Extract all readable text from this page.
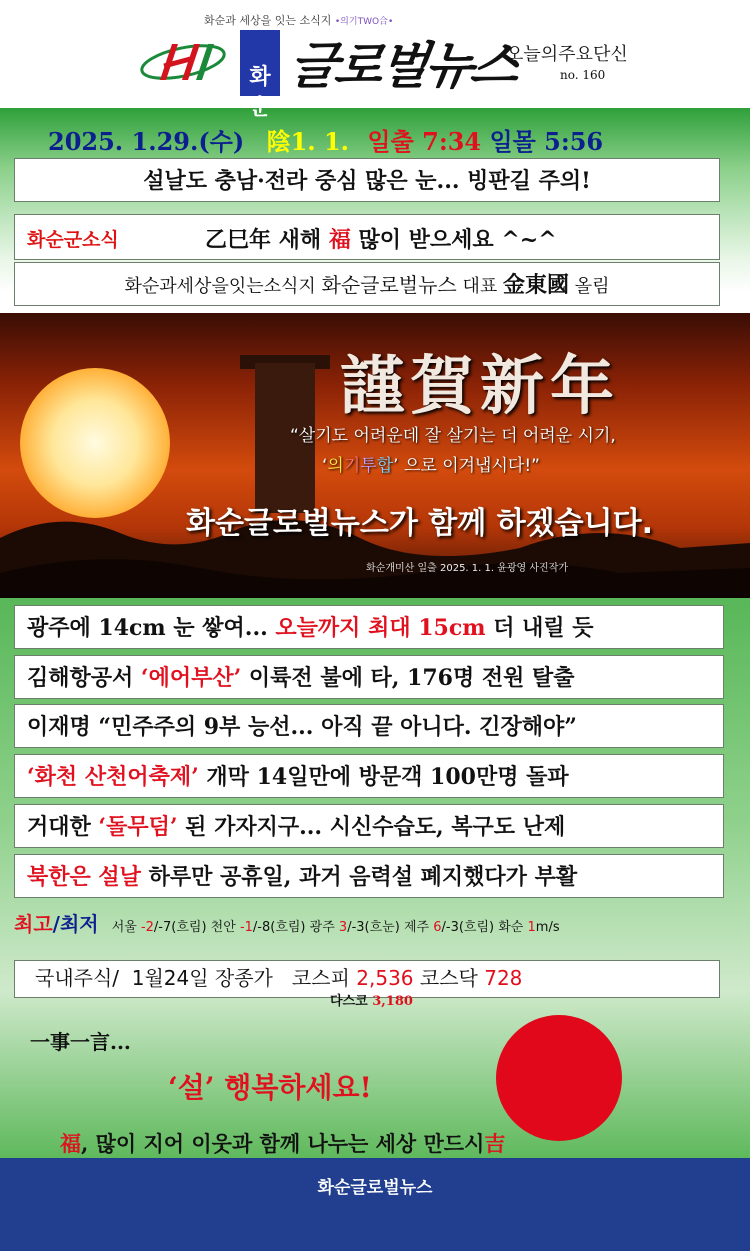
화순과 세상을 잇는 소식지 •의기TWO合•

화순

글로벌뉴스
오늘의주요단신
no. 160
2025. 1.29.(수) 陰1. 1. 일출 7:34 일몰 5:56
설날도 충남·전라 중심 많은 눈... 빙판길 주의!
화순군소식	乙巳年 새해 福 많이 받으세요 ^~^
화순과세상을잇는소식지 화순글로벌뉴스 대표 金東國 올림
謹賀新年
“살기도 어려운데 잘 살기는 더 어려운 시기,
‘의기투합’ 으로 이겨냅시다!”
화순글로벌뉴스가 함께 하겠습니다.
화순개미산 일출 2025. 1. 1. 윤광영 사진작가
광주에 14cm 눈 쌓여... 오늘까지 최대 15cm 더 내릴 듯
김해항공서 ‘에어부산’ 이륙전 불에 타, 176명 전원 탈출
이재명 “민주주의 9부 능선... 아직 끝 아니다. 긴장해야”
‘화천 산천어축제’ 개막 14일만에 방문객 100만명 돌파
거대한 ‘돌무덤’ 된 가자지구... 시신수습도, 복구도 난제
북한은 설날 하루만 공휴일, 과거 음력설 폐지했다가 부활
최고/최저 서울 -2/-7(흐림) 천안 -1/-8(흐림) 광주 3/-3(흐눈) 제주 6/-3(흐림) 화순 1m/s
국내주식/  1월24일 장종가   코스피 2,536 코스닥 728
다스코 3,180
一事一言...
‘설’ 행복하세요!
福, 많이 지어 이웃과 함께 나누는 세상 만드시吉
화순글로벌뉴스
